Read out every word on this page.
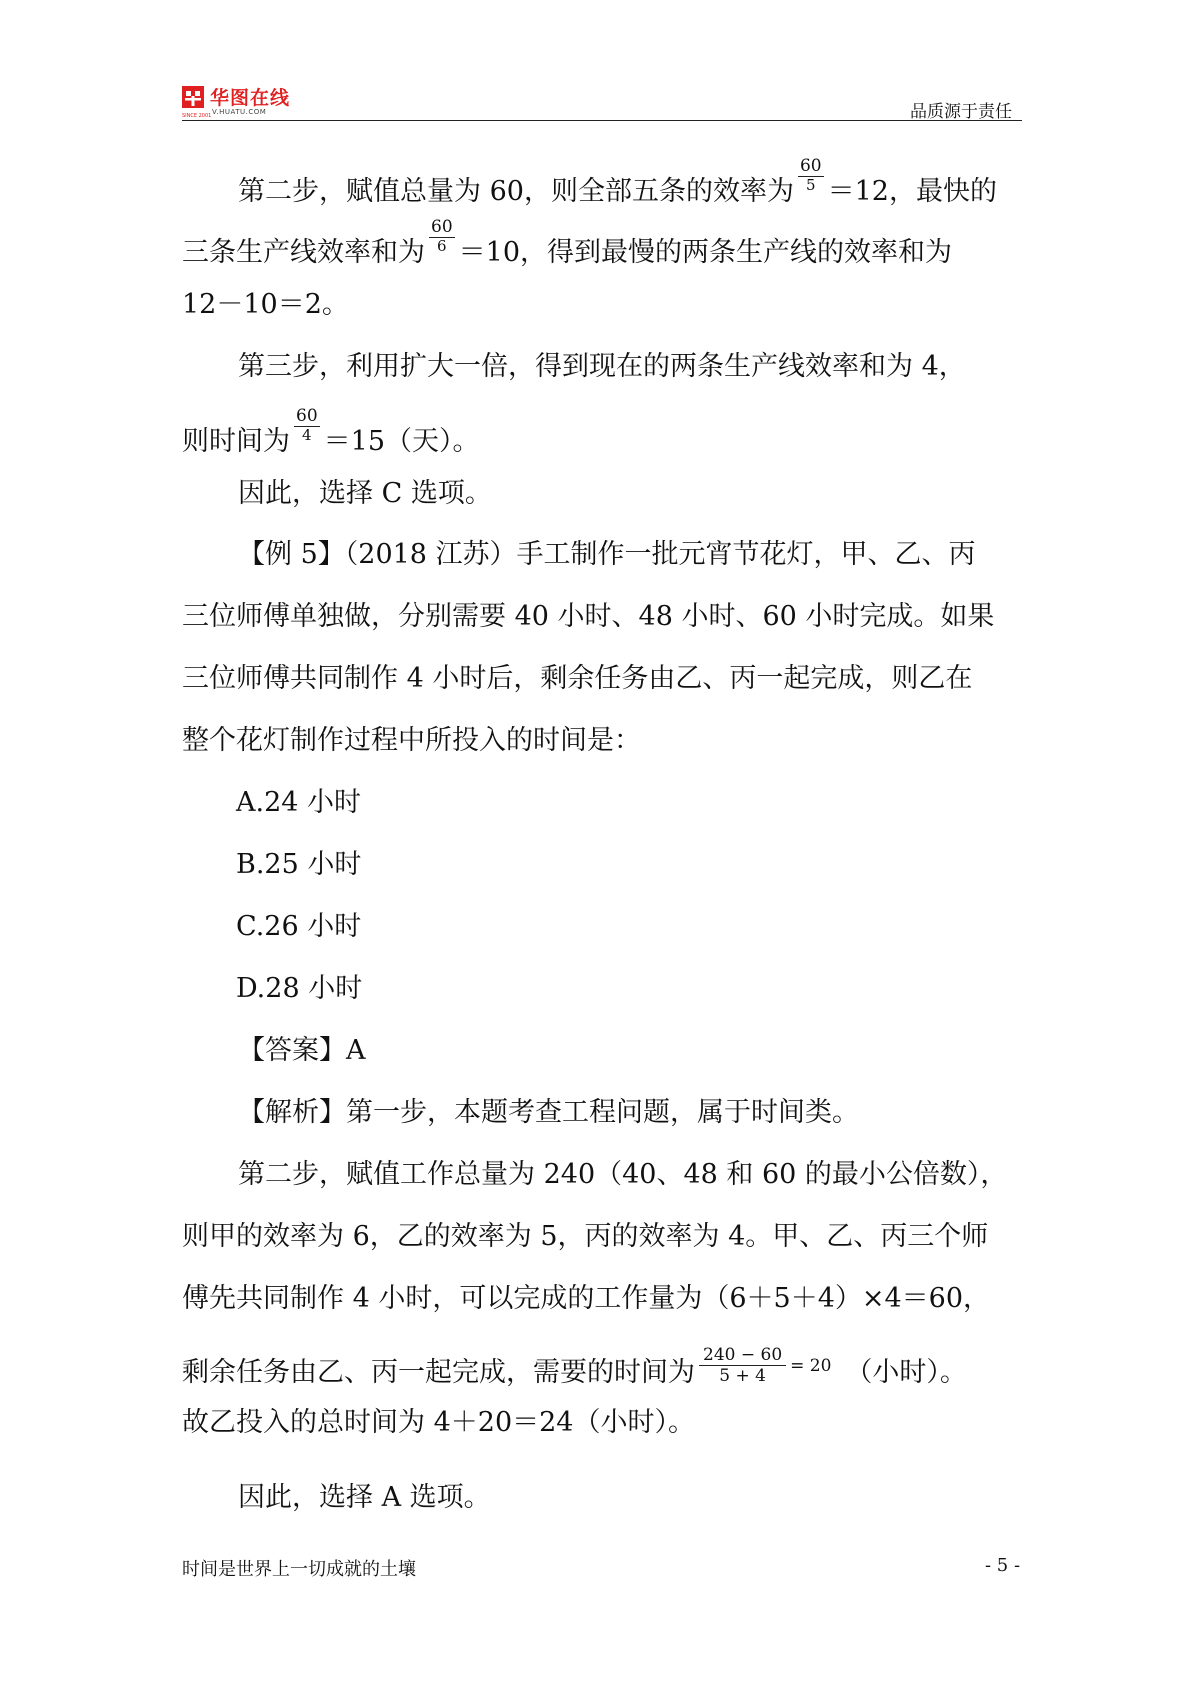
华图在线
V.HUATU.COM
SINCE 2001	品质源于责任
第二步，赋值总量为 60，则全部五条的效率为 $\frac{60}{5} =12$，最快的
三条生产线效率和为 $\frac{60}{6} =10$，得到最慢的两条生产线的效率和为
12－10＝2。
第三步，利用扩大一倍，得到现在的两条生产线效率和为 4，
则时间为 $\frac{60}{4} =15$（天）。
因此，选择 C 选项。
【例 5】（2018 江苏）手工制作一批元宵节花灯，甲、乙、丙
三位师傅单独做，分别需要 40 小时、48 小时、60 小时完成。如果
三位师傅共同制作 4 小时后，剩余任务由乙、丙一起完成，则乙在
整个花灯制作过程中所投入的时间是：
A.24 小时
B.25 小时
C.26 小时
D.28 小时
【答案】A
【解析】第一步，本题考查工程问题，属于时间类。
第二步，赋值工作总量为 240（40、48 和 60 的最小公倍数），
则甲的效率为 6，乙的效率为 5，丙的效率为 4。甲、乙、丙三个师
傅先共同制作 4 小时，可以完成的工作量为（6＋5＋4）×4＝60，
剩余任务由乙、丙一起完成，需要的时间为 $\frac{240 - 60}{5 + 4} ^{= 20}$ （小时）。
故乙投入的总时间为 4＋20＝24（小时）。
因此，选择 A 选项。
时间是世界上一切成就的土壤	- 5 -
